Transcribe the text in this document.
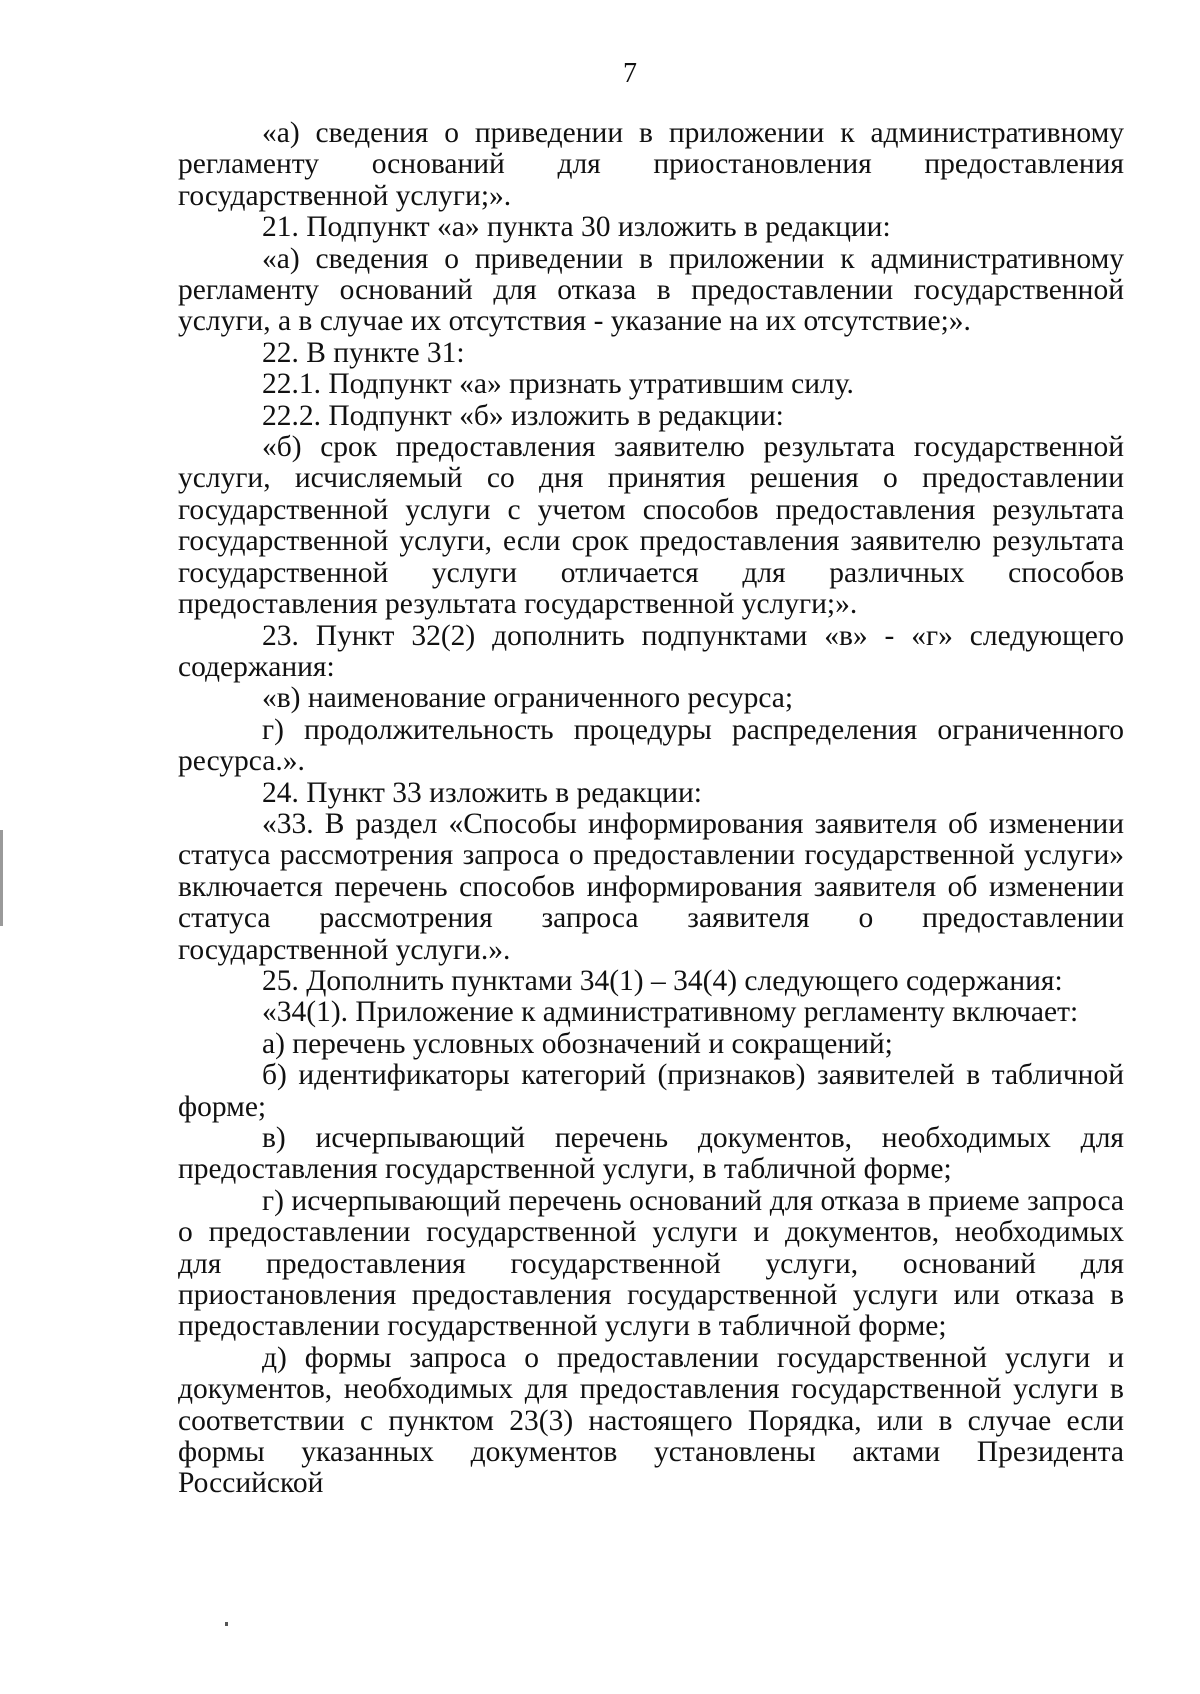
7

«а) сведения о приведении в приложении к административному регламенту оснований для приостановления предоставления государственной услуги;».

21. Подпункт «а» пункта 30 изложить в редакции:

«а) сведения о приведении в приложении к административному регламенту оснований для отказа в предоставлении государственной услуги, а в случае их отсутствия - указание на их отсутствие;».

22. В пункте 31:

22.1. Подпункт «а» признать утратившим силу.

22.2. Подпункт «б» изложить в редакции:

«б) срок предоставления заявителю результата государственной услуги, исчисляемый со дня принятия решения о предоставлении государственной услуги с учетом способов предоставления результата государственной услуги, если срок предоставления заявителю результата государственной услуги отличается для различных способов предоставления результата государственной услуги;».

23. Пункт 32(2) дополнить подпунктами «в» - «г» следующего содержания:

«в) наименование ограниченного ресурса;

г) продолжительность процедуры распределения ограниченного ресурса.».

24. Пункт 33 изложить в редакции:

«33. В раздел «Способы информирования заявителя об изменении статуса рассмотрения запроса о предоставлении государственной услуги» включается перечень способов информирования заявителя об изменении статуса рассмотрения запроса заявителя о предоставлении государственной услуги.».

25. Дополнить пунктами 34(1) – 34(4) следующего содержания:

«34(1). Приложение к административному регламенту включает:

а) перечень условных обозначений и сокращений;

б) идентификаторы категорий (признаков) заявителей в табличной форме;

в) исчерпывающий перечень документов, необходимых для предоставления государственной услуги, в табличной форме;

г) исчерпывающий перечень оснований для отказа в приеме запроса о предоставлении государственной услуги и документов, необходимых для предоставления государственной услуги, оснований для приостановления предоставления государственной услуги или отказа в предоставлении государственной услуги в табличной форме;

д) формы запроса о предоставлении государственной услуги и документов, необходимых для предоставления государственной услуги в соответствии с пунктом 23(3) настоящего Порядка, или в случае если формы указанных документов установлены актами Президента Российской
